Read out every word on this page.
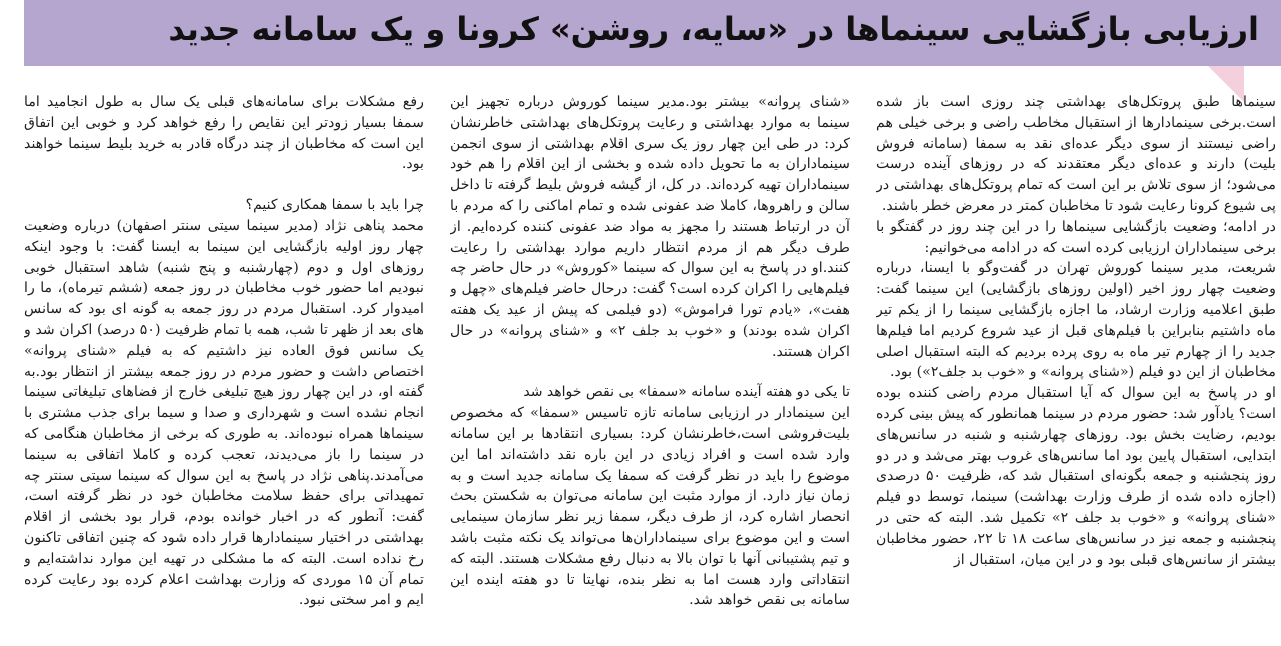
ارزیابی بازگشایی سینماها در «سایه، روشن» کرونا و یک سامانه جدید

سینماها طبق پروتکل‌های بهداشتی چند روزی است باز شده است.برخی سینمادارها از استقبال مخاطب راضی و برخی خیلی هم راضی نیستند از سوی دیگر عده‌ای نقد به سمفا (سامانه فروش بلیت) دارند و عده‌ای دیگر معتقدند که در روزهای آینده درست می‌شود؛ از سوی تلاش بر این است که تمام پروتکل‌های بهداشتی در پی شیوع کرونا رعایت شود تا مخاطبان کمتر در معرض خطر باشند.

در ادامه؛ وضعیت بازگشایی سینماها را در این چند روز در گفتگو با برخی سینماداران ارزیابی کرده است که در ادامه می‌خوانیم:

شریعت، مدیر سینما کوروش تهران در گفت‌وگو با ایسنا، درباره وضعیت چهار روز اخیر (اولین روزهای بازگشایی) این سینما گفت: طبق اعلامیه وزارت ارشاد، ما اجازه بازگشایی سینما را از یکم تیر ماه داشتیم بنابراین با فیلم‌های قبل از عید شروع کردیم اما فیلم‌ها جدید را از چهارم تیر ماه به روی پرده بردیم که البته استقبال اصلی مخاطبان از این دو فیلم («شنای پروانه» و «خوب بد جلف۲») بود.

او در پاسخ به این سوال که آیا استقبال مردم راضی کننده بوده است؟ یادآور شد: حضور مردم در سینما همانطور که پیش بینی کرده بودیم، رضایت بخش بود. روزهای چهارشنبه و شنبه در سانس‌های ابتدایی، استقبال پایین بود اما سانس‌های غروب بهتر می‌شد و در دو روز پنجشنبه و جمعه بگونه‌ای استقبال شد که، ظرفیت ۵۰ درصدی (اجازه داده شده از طرف وزارت بهداشت) سینما، توسط دو فیلم «شنای پروانه» و «خوب بد جلف ۲» تکمیل شد. البته که حتی در پنجشنبه و جمعه نیز در سانس‌های ساعت ۱۸ تا ۲۲، حضور مخاطبان بیشتر از سانس‌های قبلی بود و در این میان، استقبال از

«شنای پروانه» بیشتر بود.مدیر سینما کوروش درباره تجهیز این سینما به موارد بهداشتی و رعایت پروتکل‌های بهداشتی خاطرنشان کرد: در طی این چهار روز یک سری اقلام بهداشتی از سوی انجمن سینماداران به ما تحویل داده شده و بخشی از این اقلام را هم خود سینماداران تهیه کرده‌اند. در کل، از گیشه فروش بلیط گرفته تا داخل سالن و راهروها، کاملا ضد عفونی شده و تمام اماکنی را که مردم با آن در ارتباط هستند را مجهز به مواد ضد عفونی کننده کرده‌ایم. از طرف دیگر هم از مردم انتظار داریم موارد بهداشتی را رعایت کنند.او در پاسخ به این سوال که سینما «کوروش» در حال حاضر چه فیلم‌هایی را اکران کرده است؟ گفت: درحال حاضر فیلم‌های «چهل و هفت»، «یادم تورا فراموش» (دو فیلمی که پیش از عید یک هفته اکران شده بودند) و «خوب بد جلف ۲» و «شنای پروانه» در حال اکران هستند.

تا یکی دو هفته آینده سامانه «سمفا» بی نقص خواهد شد

این سینمادار در ارزیابی سامانه تازه تاسیس «سمفا» که مخصوص بلیت‌فروشی است،خاطرنشان کرد: بسیاری انتقادها بر این سامانه وارد شده است و افراد زیادی در این باره نقد داشته‌اند اما این موضوع را باید در نظر گرفت که سمفا یک سامانه جدید است و به زمان نیاز دارد. از موارد مثبت این سامانه می‌توان به شکستن بحث انحصار اشاره کرد، از طرف دیگر، سمفا زیر نظر سازمان سینمایی است و این موضوع برای سینماداران‌ها می‌تواند یک نکته مثبت باشد و تیم پشتیبانی آنها با توان بالا به دنبال رفع مشکلات هستند. البته که انتقاداتی وارد هست اما به نظر بنده، نهایتا تا دو هفته اینده این سامانه بی نقص خواهد شد.

رفع مشکلات برای سامانه‌های قبلی یک سال به طول انجامید اما سمفا بسیار زودتر این نقایص را رفع خواهد کرد و خوبی این اتفاق این است که مخاطبان از چند درگاه قادر به خرید بلیط سینما خواهند بود.

چرا باید با سمفا همکاری کنیم؟

محمد پناهی نژاد (مدیر سینما سیتی سنتر اصفهان) درباره وضعیت چهار روز اولیه بازگشایی این سینما به ایسنا گفت: با وجود اینکه روزهای اول و دوم (چهارشنبه و پنج شنبه) شاهد استقبال خوبی نبودیم اما حضور خوب مخاطبان در روز جمعه (ششم تیرماه)، ما را امیدوار کرد. استقبال مردم در روز جمعه به گونه ای بود که سانس های بعد از ظهر تا شب، همه با تمام ظرفیت (۵۰ درصد) اکران شد و یک سانس فوق العاده نیز داشتیم که به فیلم «شنای پروانه» اختصاص داشت و حضور مردم در روز جمعه بیشتر از انتظار بود.به گفته او، در این چهار روز هیچ تبلیغی خارج از فضاهای تبلیغاتی سینما انجام نشده است و شهرداری و صدا و سیما برای جذب مشتری با سینماها همراه نبوده‌اند. به طوری که برخی از مخاطبان هنگامی که در سینما را باز می‌دیدند، تعجب کرده و کاملا اتفاقی به سینما می‌آمدند.پناهی نژاد در پاسخ به این سوال که سینما سیتی سنتر چه تمهیداتی برای حفظ سلامت مخاطبان خود در نظر گرفته است، گفت: آنطور که در اخبار خوانده بودم، قرار بود بخشی از اقلام بهداشتی در اختیار سینمادارها قرار داده شود که چنین اتفاقی تاکنون رخ نداده است. البته که ما مشکلی در تهیه این موارد نداشته‌ایم و تمام آن ۱۵ موردی که وزارت بهداشت اعلام کرده بود رعایت کرده ایم و امر سختی نبود.
